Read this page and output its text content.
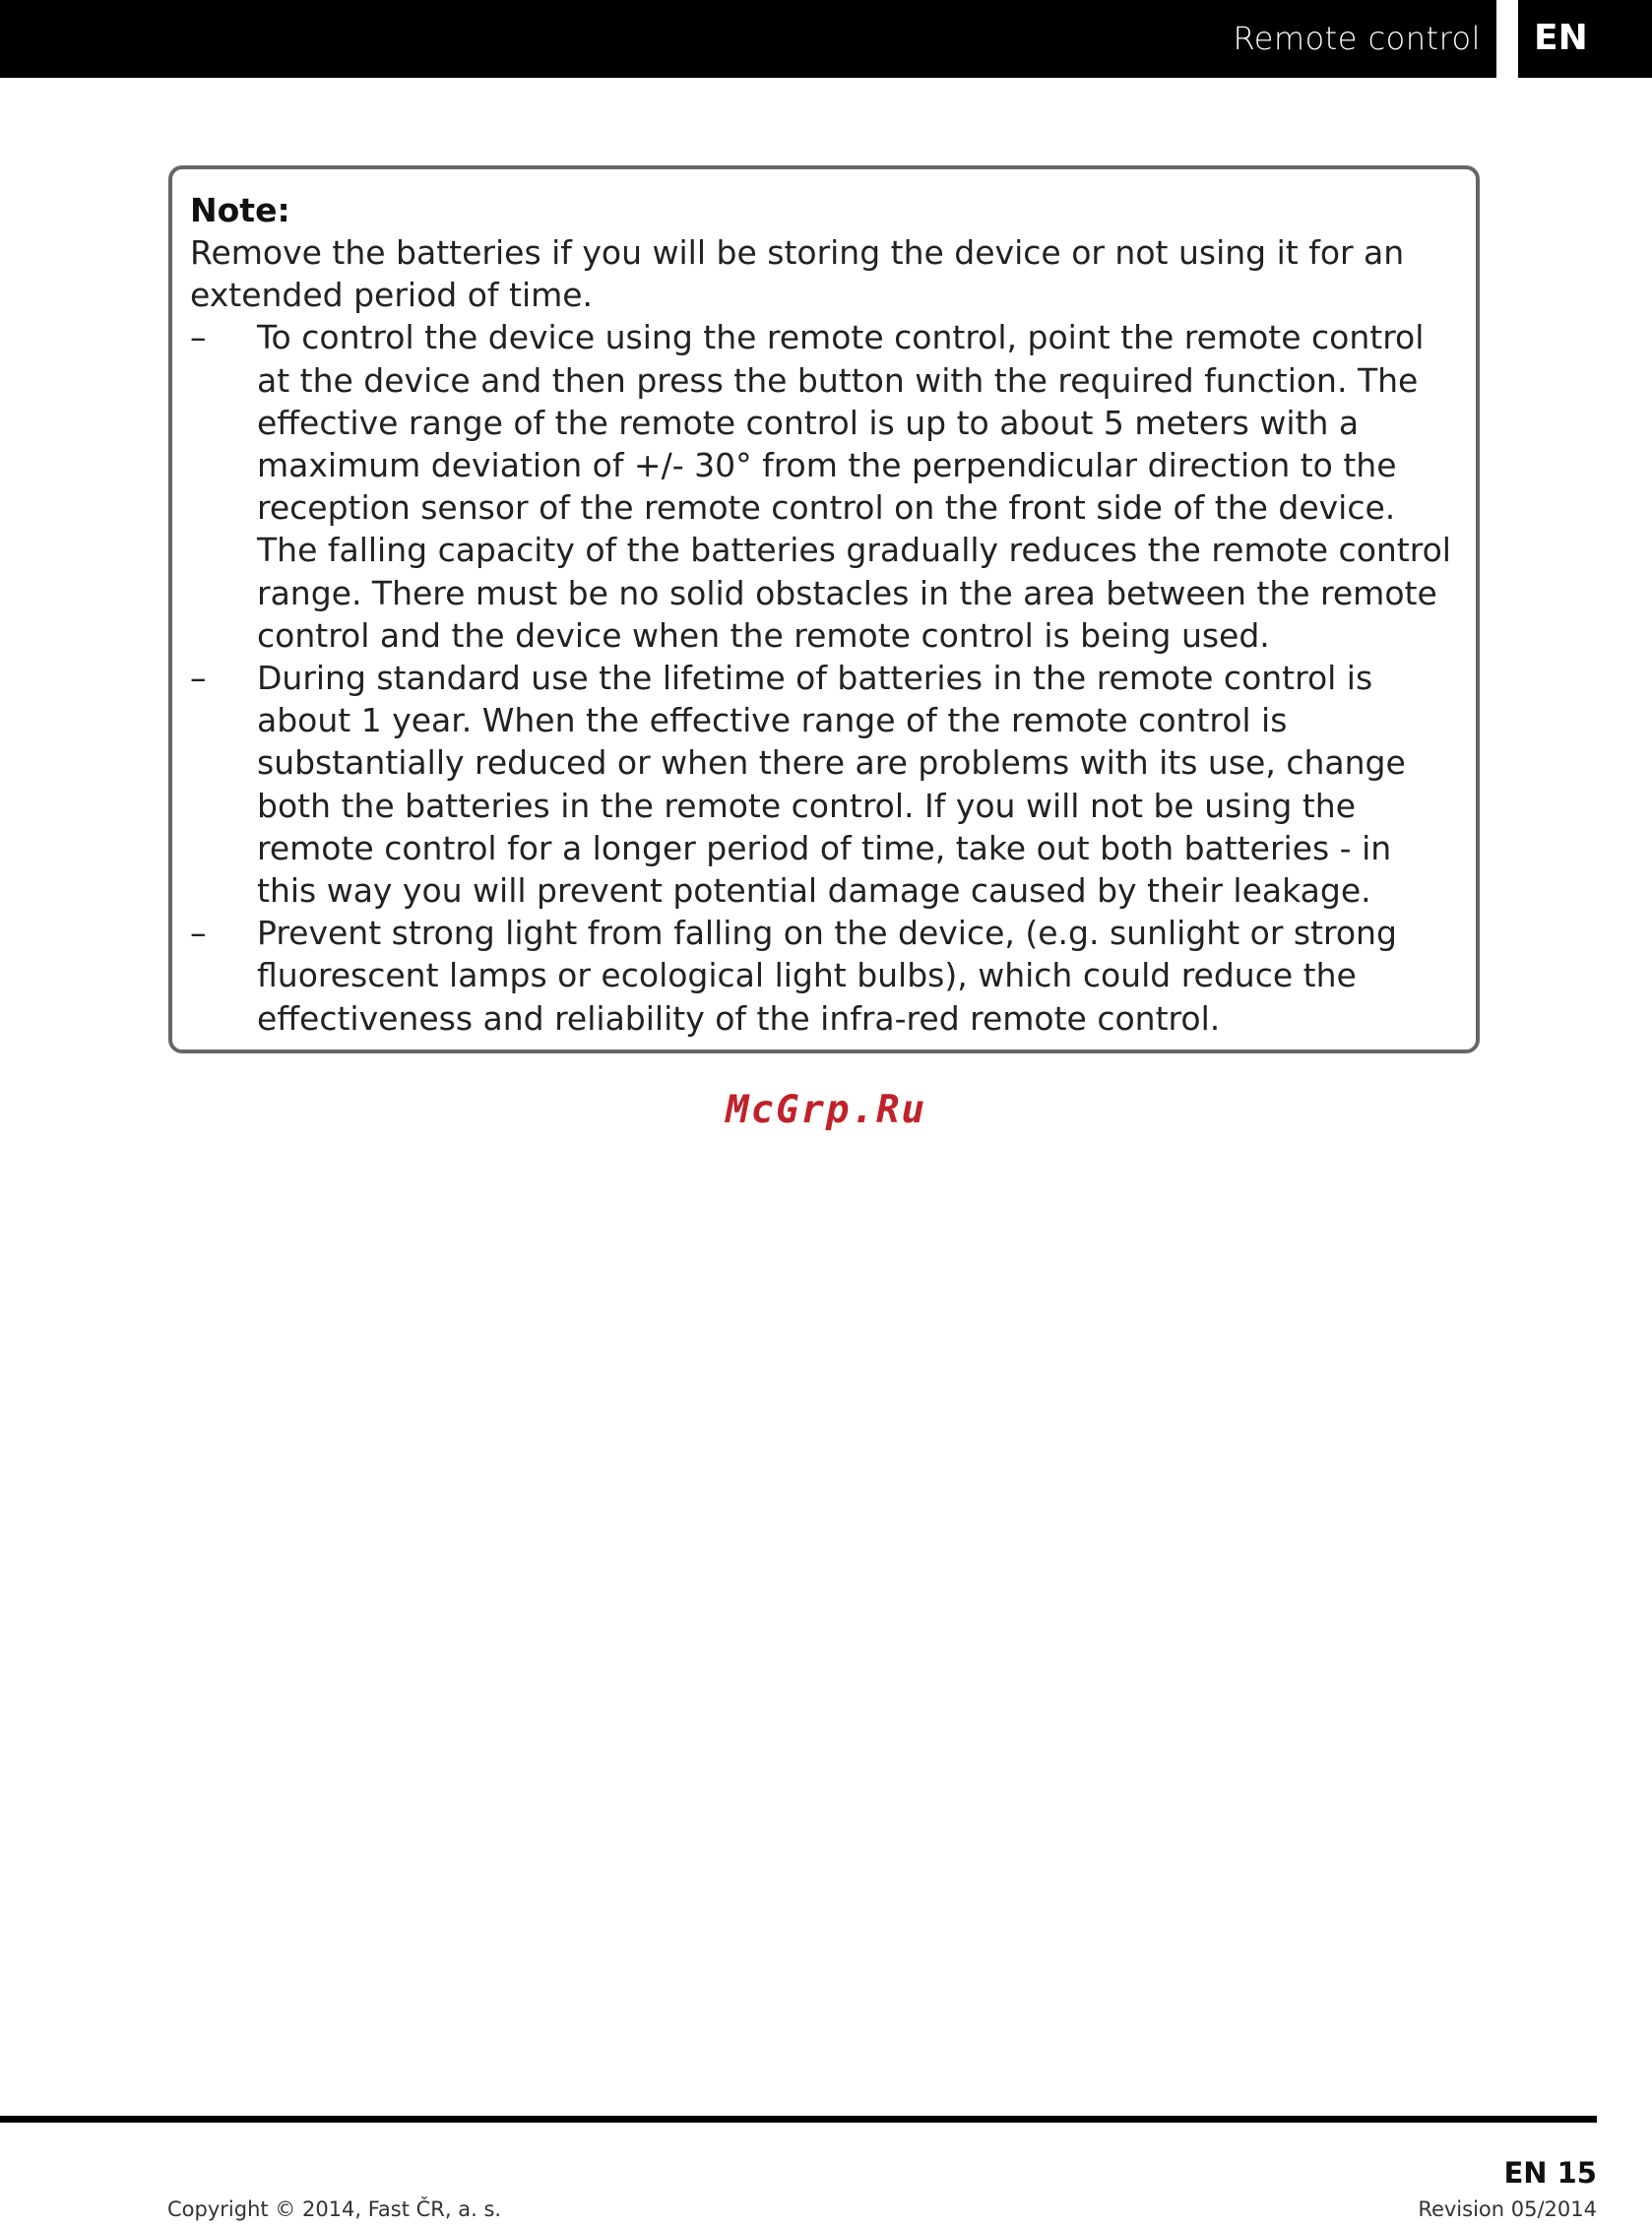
Remote control EN
Note:
Remove the batteries if you will be storing the device or not using it for an extended period of time.
–	To control the device using the remote control, point the remote control at the device and then press the button with the required function. The effective range of the remote control is up to about 5 meters with a maximum deviation of +/- 30° from the perpendicular direction to the reception sensor of the remote control on the front side of the device. The falling capacity of the batteries gradually reduces the remote control range. There must be no solid obstacles in the area between the remote control and the device when the remote control is being used.
–	During standard use the lifetime of batteries in the remote control is about 1 year. When the effective range of the remote control is substantially reduced or when there are problems with its use, change both the batteries in the remote control. If you will not be using the remote control for a longer period of time, take out both batteries - in this way you will prevent potential damage caused by their leakage.
–	Prevent strong light from falling on the device, (e.g. sunlight or strong fluorescent lamps or ecological light bulbs), which could reduce the effectiveness and reliability of the infra-red remote control.
McGrp.Ru
EN 15
Copyright © 2014, Fast ČR, a. s.	Revision 05/2014
